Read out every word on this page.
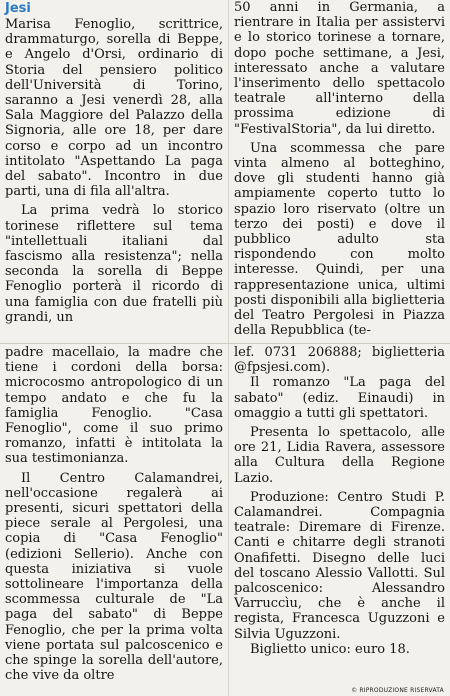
Jesi

Marisa Fenoglio, scrittrice, drammaturgo, sorella di Beppe, e Angelo d'Orsi, ordinario di Storia del pensiero politico dell'Università di Torino, saranno a Jesi venerdì 28, alla Sala Maggiore del Palazzo della Signoria, alle ore 18, per dare corso e corpo ad un incontro intitolato "Aspettando La paga del sabato". Incontro in due parti, una di fila all'altra.

La prima vedrà lo storico torinese riflettere sul tema "intellettuali italiani dal fascismo alla resistenza"; nella seconda la sorella di Beppe Fenoglio porterà il ricordo di una famiglia con due fratelli più grandi, un

padre macellaio, la madre che tiene i cordoni della borsa: microcosmo antropologico di un tempo andato e che fu la famiglia Fenoglio. "Casa Fenoglio", come il suo primo romanzo, infatti è intitolata la sua testimonianza.

Il Centro Calamandrei, nell'occasione regalerà ai presenti, sicuri spettatori della piece serale al Pergolesi, una copia di "Casa Fenoglio" (edizioni Sellerio). Anche con questa iniziativa si vuole sottolineare l'importanza della scommessa culturale de "La paga del sabato" di Beppe Fenoglio, che per la prima volta viene portata sul palcoscenico e che spinge la sorella dell'autore, che vive da oltre

50 anni in Germania, a rientrare in Italia per assistervi e lo storico torinese a tornare, dopo poche settimane, a Jesi, interessato anche a valutare l'inserimento dello spettacolo teatrale all'interno della prossima edizione di "FestivalStoria", da lui diretto.

Una scommessa che pare vinta almeno al botteghino, dove gli studenti hanno già ampiamente coperto tutto lo spazio loro riservato (oltre un terzo dei posti) e dove il pubblico adulto sta rispondendo con molto interesse. Quindi, per una rappresentazione unica, ultimi posti disponibili alla biglietteria del Teatro Pergolesi in Piazza della Repubblica (te-

lef. 0731 206888; biglietteria @fpsjesi.com).

Il romanzo "La paga del sabato" (ediz. Einaudi) in omaggio a tutti gli spettatori.

Presenta lo spettacolo, alle ore 21, Lidia Ravera, assessore alla Cultura della Regione Lazio.

Produzione: Centro Studi P. Calamandrei. Compagnia teatrale: Diremare di Firenze. Canti e chitarre degli stranoti Onafifetti. Disegno delle luci del toscano Alessio Vallotti. Sul palcoscenico: Alessandro Varruccìu, che è anche il regista, Francesca Uguzzoni e Silvia Uguzzoni.

Biglietto unico: euro 18.

© RIPRODUZIONE RISERVATA
